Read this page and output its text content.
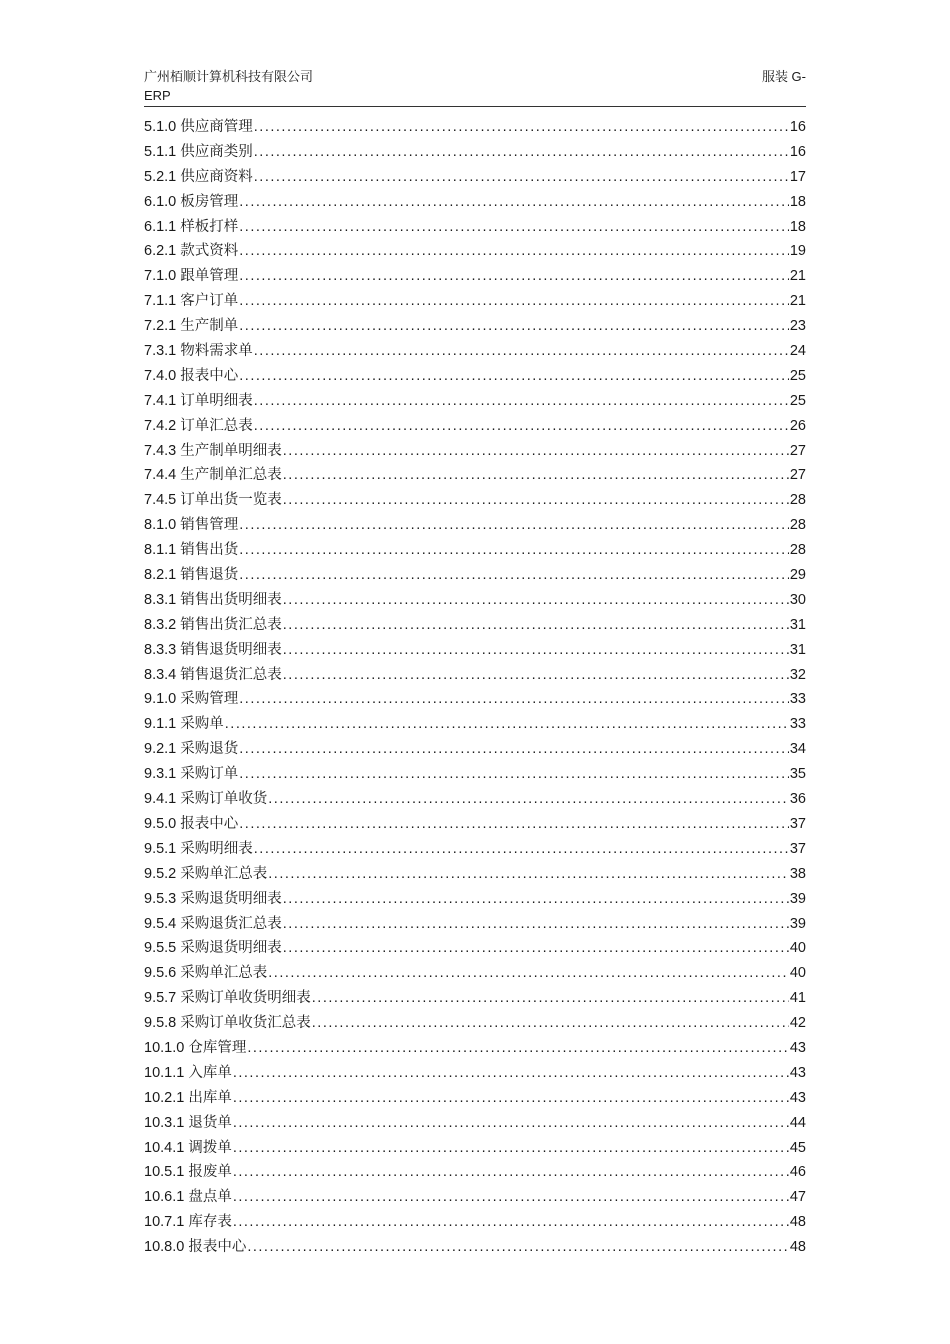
广州栢顺计算机科技有限公司
ERP
服装 G-
5.1.0 供应商管理 .....	16
5.1.1 供应商类别 .....	16
5.2.1 供应商资料 .....	17
6.1.0 板房管理 .....	18
6.1.1 样板打样 .....	18
6.2.1 款式资料 .....	19
7.1.0 跟单管理 .....	21
7.1.1 客户订单 .....	21
7.2.1 生产制单 .....	23
7.3.1 物料需求单 .....	24
7.4.0 报表中心 .....	25
7.4.1 订单明细表 .....	25
7.4.2 订单汇总表 .....	26
7.4.3 生产制单明细表 .....	27
7.4.4 生产制单汇总表 .....	27
7.4.5 订单出货一览表 .....	28
8.1.0 销售管理 .....	28
8.1.1 销售出货 .....	28
8.2.1 销售退货 .....	29
8.3.1 销售出货明细表 .....	30
8.3.2 销售出货汇总表 .....	31
8.3.3 销售退货明细表 .....	31
8.3.4 销售退货汇总表 .....	32
9.1.0 采购管理 .....	33
9.1.1 采购单 .....	33
9.2.1 采购退货 .....	34
9.3.1 采购订单 .....	35
9.4.1 采购订单收货 .....	36
9.5.0 报表中心 .....	37
9.5.1 采购明细表 .....	37
9.5.2 采购单汇总表 .....	38
9.5.3 采购退货明细表 .....	39
9.5.4 采购退货汇总表 .....	39
9.5.5 采购退货明细表 .....	40
9.5.6 采购单汇总表 .....	40
9.5.7 采购订单收货明细表 .....	41
9.5.8 采购订单收货汇总表 .....	42
10.1.0 仓库管理 .....	43
10.1.1 入库单 .....	43
10.2.1 出库单 .....	43
10.3.1 退货单 .....	44
10.4.1 调拨单 .....	45
10.5.1 报废单 .....	46
10.6.1 盘点单 .....	47
10.7.1 库存表 .....	48
10.8.0 报表中心 .....	48
